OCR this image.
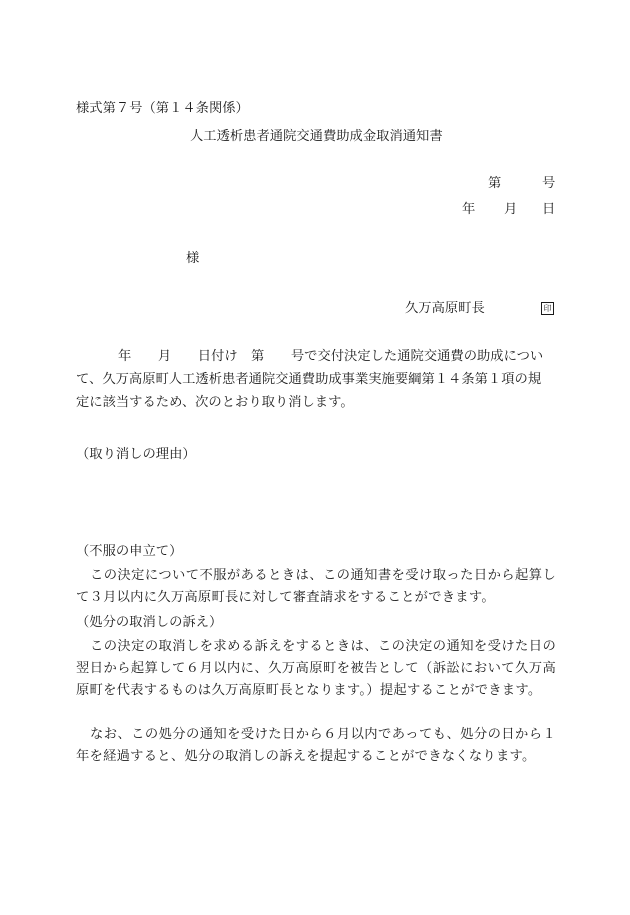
様式第７号（第１４条関係）
人工透析患者通院交通費助成金取消通知書
第	号
年 月 日
様
久万高原町長	印
年　　月　　日付け　第　　号で交付決定した通院交通費の助成につい
て、久万高原町人工透析患者通院交通費助成事業実施要綱第１４条第１項の規
定に該当するため、次のとおり取り消します。
（取り消しの理由）
（不服の申立て）
この決定について不服があるときは、この通知書を受け取った日から起算して３月以内に久万高原町長に対して審査請求をすることができます。
（処分の取消しの訴え）
この決定の取消しを求める訴えをするときは、この決定の通知を受けた日の翌日から起算して６月以内に、久万高原町を被告として（訴訟において久万高原町を代表するものは久万高原町長となります。）提起することができます。
なお、この処分の通知を受けた日から６月以内であっても、処分の日から１年を経過すると、処分の取消しの訴えを提起することができなくなります。
